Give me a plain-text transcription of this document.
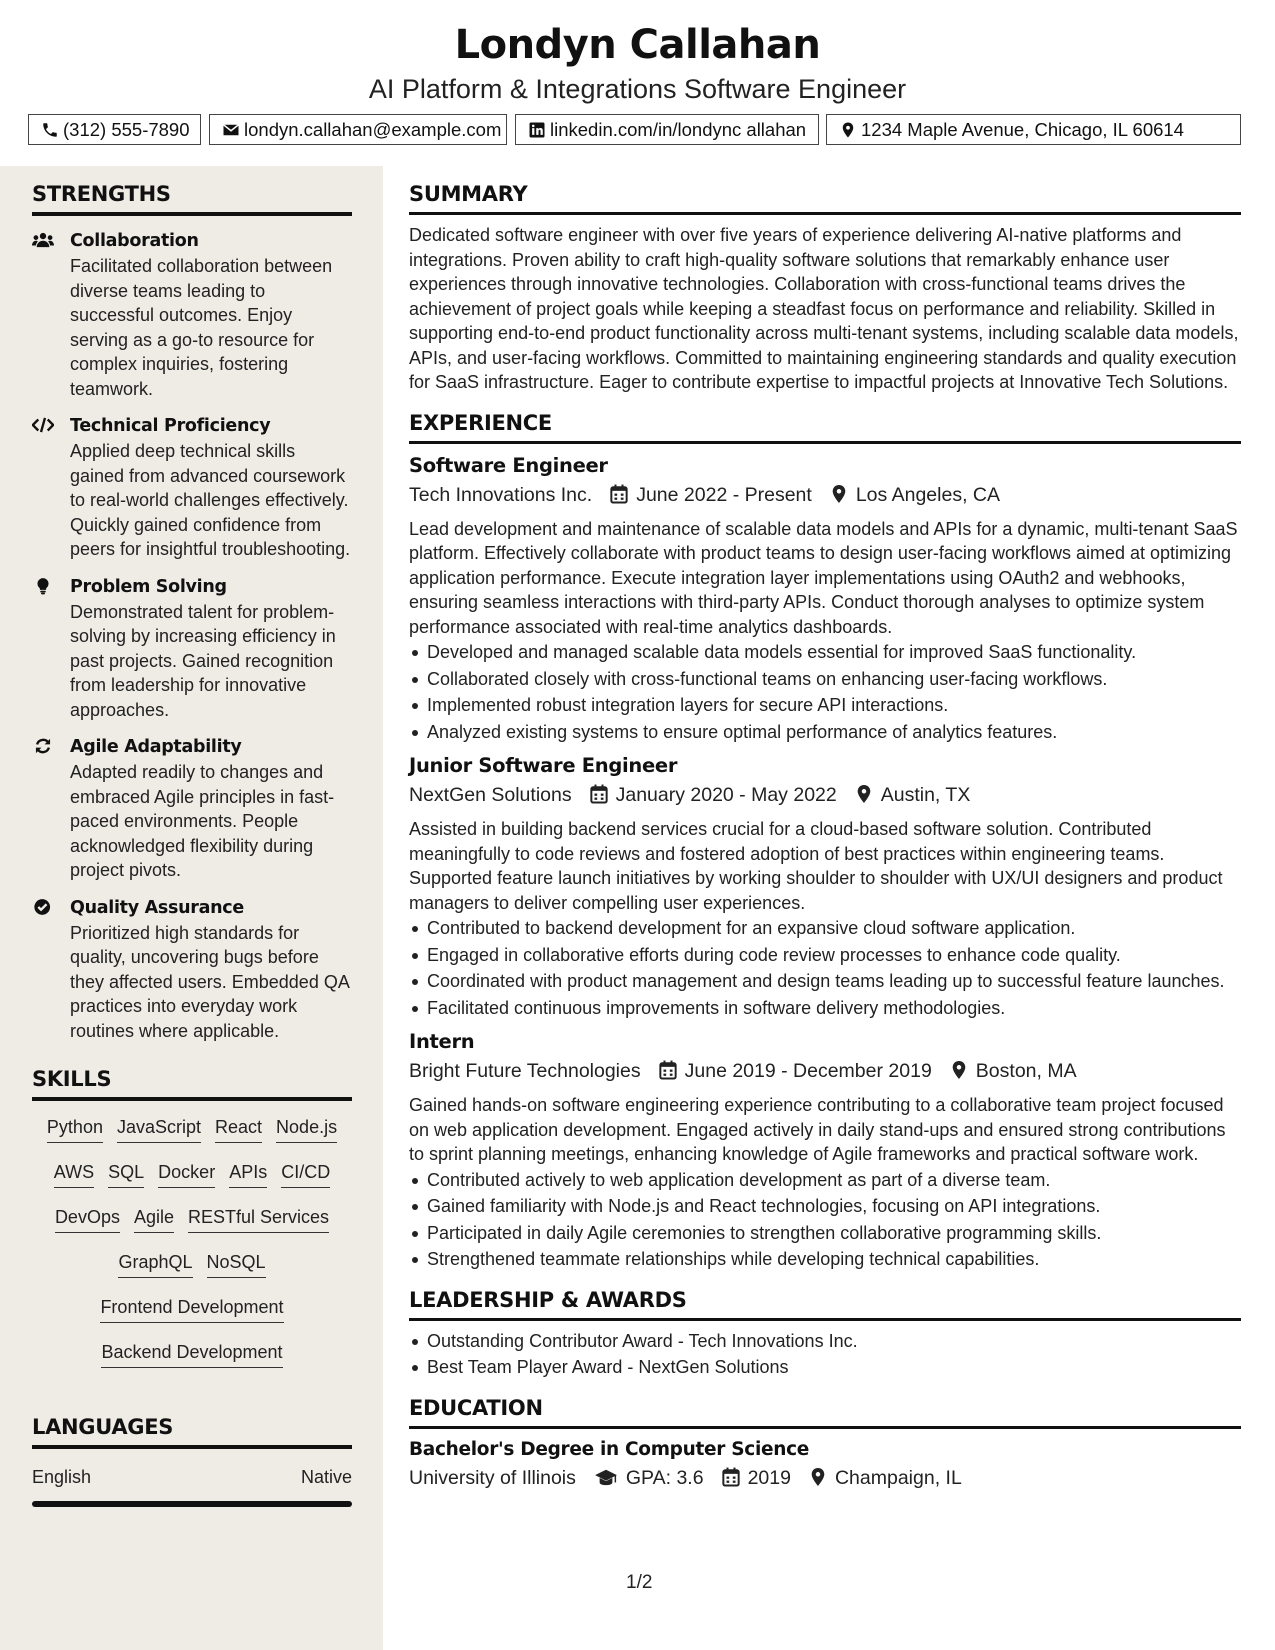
Londyn Callahan
AI Platform & Integrations Software Engineer
(312) 555-7890	londyn.callahan@example.com	linkedin.com/in/londync allahan	1234 Maple Avenue, Chicago, IL 60614
STRENGTHS
Collaboration
Facilitated collaboration between diverse teams leading to successful outcomes. Enjoy serving as a go-to resource for complex inquiries, fostering teamwork.
Technical Proficiency
Applied deep technical skills gained from advanced coursework to real-world challenges effectively. Quickly gained confidence from peers for insightful troubleshooting.
Problem Solving
Demonstrated talent for problem-solving by increasing efficiency in past projects. Gained recognition from leadership for innovative approaches.
Agile Adaptability
Adapted readily to changes and embraced Agile principles in fast-paced environments. People acknowledged flexibility during project pivots.
Quality Assurance
Prioritized high standards for quality, uncovering bugs before they affected users. Embedded QA practices into everyday work routines where applicable.
SKILLS
Python JavaScript React Node.js
AWS SQL Docker APIs CI/CD
DevOps Agile RESTful Services
GraphQL NoSQL
Frontend Development
Backend Development
LANGUAGES
English	Native
SUMMARY
Dedicated software engineer with over five years of experience delivering AI-native platforms and integrations. Proven ability to craft high-quality software solutions that remarkably enhance user experiences through innovative technologies. Collaboration with cross-functional teams drives the achievement of project goals while keeping a steadfast focus on performance and reliability. Skilled in supporting end-to-end product functionality across multi-tenant systems, including scalable data models, APIs, and user-facing workflows. Committed to maintaining engineering standards and quality execution for SaaS infrastructure. Eager to contribute expertise to impactful projects at Innovative Tech Solutions.
EXPERIENCE
Software Engineer
Tech Innovations Inc. June 2022 - Present Los Angeles, CA
Lead development and maintenance of scalable data models and APIs for a dynamic, multi-tenant SaaS platform. Effectively collaborate with product teams to design user-facing workflows aimed at optimizing application performance. Execute integration layer implementations using OAuth2 and webhooks, ensuring seamless interactions with third-party APIs. Conduct thorough analyses to optimize system performance associated with real-time analytics dashboards.
Developed and managed scalable data models essential for improved SaaS functionality.
Collaborated closely with cross-functional teams on enhancing user-facing workflows.
Implemented robust integration layers for secure API interactions.
Analyzed existing systems to ensure optimal performance of analytics features.
Junior Software Engineer
NextGen Solutions January 2020 - May 2022 Austin, TX
Assisted in building backend services crucial for a cloud-based software solution. Contributed meaningfully to code reviews and fostered adoption of best practices within engineering teams. Supported feature launch initiatives by working shoulder to shoulder with UX/UI designers and product managers to deliver compelling user experiences.
Contributed to backend development for an expansive cloud software application.
Engaged in collaborative efforts during code review processes to enhance code quality.
Coordinated with product management and design teams leading up to successful feature launches.
Facilitated continuous improvements in software delivery methodologies.
Intern
Bright Future Technologies June 2019 - December 2019 Boston, MA
Gained hands-on software engineering experience contributing to a collaborative team project focused on web application development. Engaged actively in daily stand-ups and ensured strong contributions to sprint planning meetings, enhancing knowledge of Agile frameworks and practical software work.
Contributed actively to web application development as part of a diverse team.
Gained familiarity with Node.js and React technologies, focusing on API integrations.
Participated in daily Agile ceremonies to strengthen collaborative programming skills.
Strengthened teammate relationships while developing technical capabilities.
LEADERSHIP & AWARDS
Outstanding Contributor Award - Tech Innovations Inc.
Best Team Player Award - NextGen Solutions
EDUCATION
Bachelor's Degree in Computer Science
University of Illinois	GPA: 3.6 2019 Champaign, IL
1/2
